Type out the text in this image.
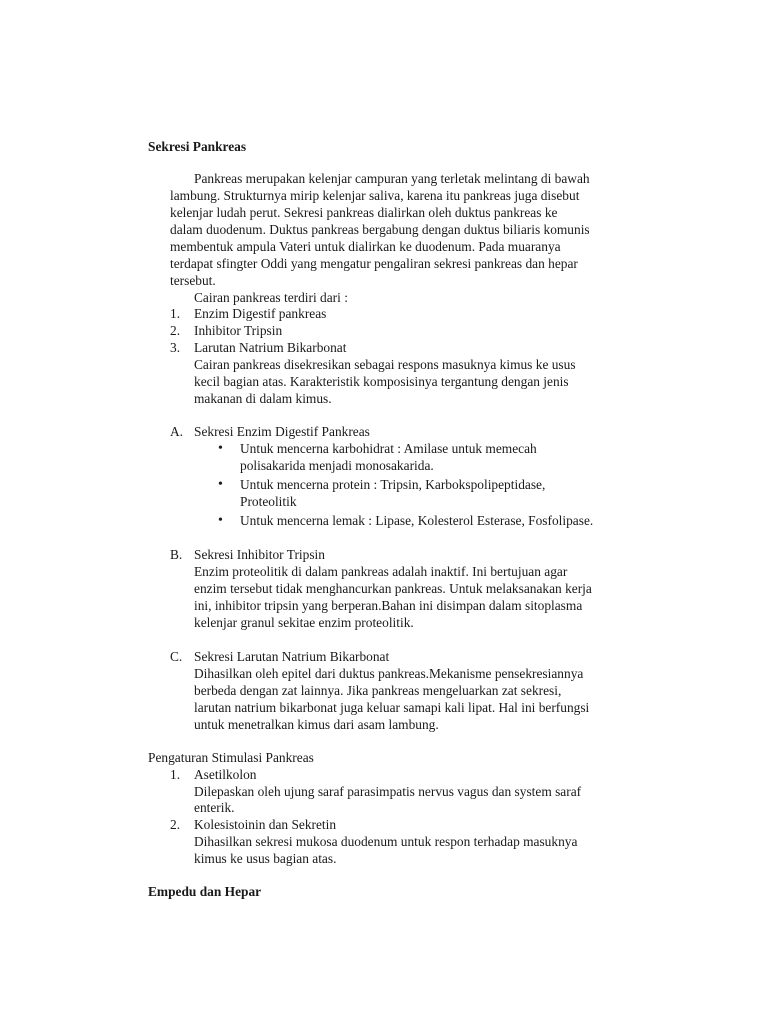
Sekresi Pankreas
Pankreas merupakan kelenjar campuran yang terletak melintang di bawah
lambung. Strukturnya mirip kelenjar saliva, karena itu pankreas juga disebut
kelenjar ludah perut. Sekresi pankreas dialirkan oleh duktus pankreas ke
dalam duodenum. Duktus pankreas bergabung dengan duktus biliaris komunis
membentuk ampula Vateri untuk dialirkan ke duodenum. Pada muaranya
terdapat sfingter Oddi yang mengatur pengaliran sekresi pankreas dan hepar
tersebut.
Cairan pankreas terdiri dari :
1. Enzim Digestif pankreas
2. Inhibitor Tripsin
3. Larutan Natrium Bikarbonat
Cairan pankreas disekresikan sebagai respons masuknya kimus ke usus
kecil bagian atas. Karakteristik komposisinya tergantung dengan jenis
makanan di dalam kimus.
A. Sekresi Enzim Digestif Pankreas
• Untuk mencerna karbohidrat : Amilase untuk memecah
polisakarida menjadi monosakarida.
• Untuk mencerna protein : Tripsin, Karbokspolipeptidase,
Proteolitik
• Untuk mencerna lemak : Lipase, Kolesterol Esterase, Fosfolipase.
B. Sekresi Inhibitor Tripsin
Enzim proteolitik di dalam pankreas adalah inaktif. Ini bertujuan agar
enzim tersebut tidak menghancurkan pankreas. Untuk melaksanakan kerja
ini, inhibitor tripsin yang berperan.Bahan ini disimpan dalam sitoplasma
kelenjar granul sekitae enzim proteolitik.
C. Sekresi Larutan Natrium Bikarbonat
Dihasilkan oleh epitel dari duktus pankreas.Mekanisme pensekresiannya
berbeda dengan zat lainnya. Jika pankreas mengeluarkan zat sekresi,
larutan natrium bikarbonat juga keluar samapi kali lipat. Hal ini berfungsi
untuk menetralkan kimus dari asam lambung.
Pengaturan Stimulasi Pankreas
1. Asetilkolon
Dilepaskan oleh ujung saraf parasimpatis nervus vagus dan system saraf
enterik.
2. Kolesistoinin dan Sekretin
Dihasilkan sekresi mukosa duodenum untuk respon terhadap masuknya
kimus ke usus bagian atas.
Empedu dan Hepar
